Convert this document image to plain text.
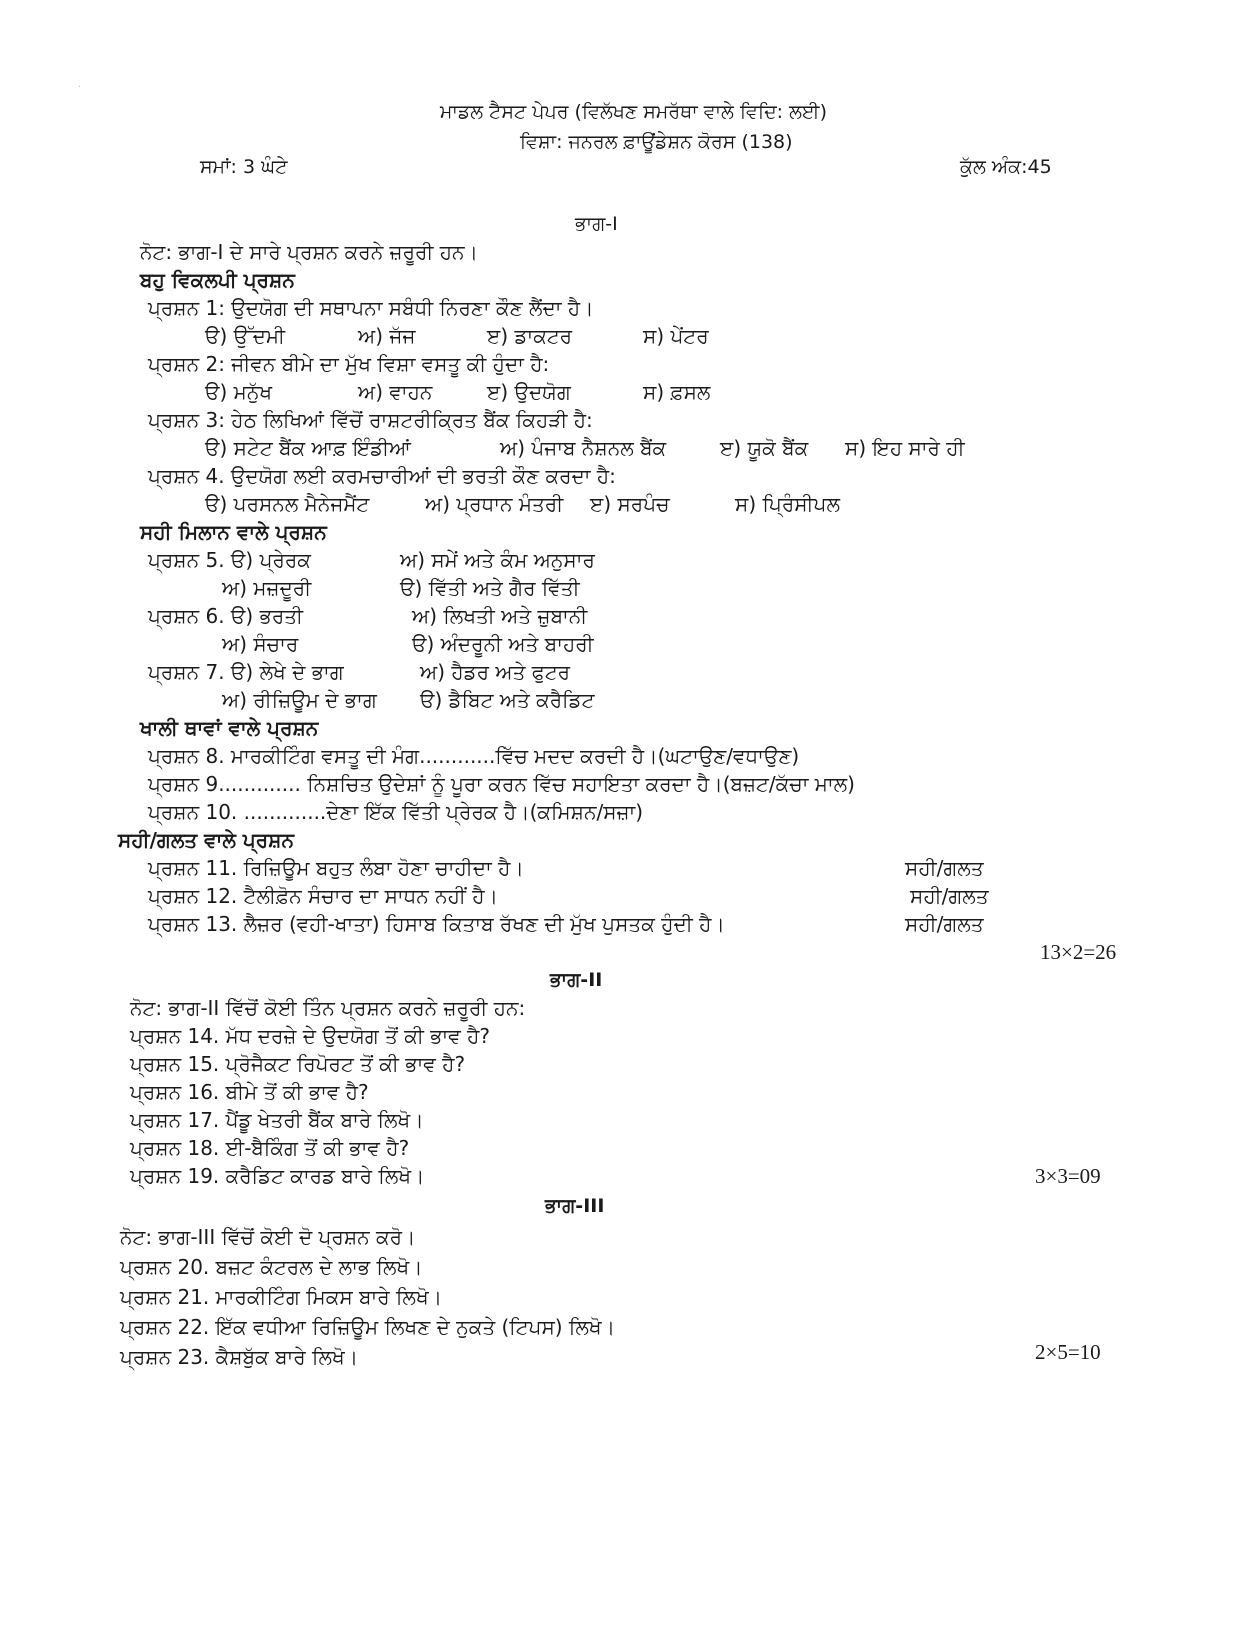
·
ਮਾਡਲ ਟੈਸਟ ਪੇਪਰ (ਵਿਲੱਖਣ ਸਮਰੱਥਾ ਵਾਲੇ ਵਿਦਿ: ਲਈ)
ਵਿਸ਼ਾ: ਜਨਰਲ ਫ਼ਾਊਂਡੇਸ਼ਨ ਕੋਰਸ (138)
ਸਮਾਂ: 3 ਘੰਟੇ	ਕੁੱਲ ਅੰਕ:45
ਭਾਗ-I
ਨੋਟ: ਭਾਗ-I ਦੇ ਸਾਰੇ ਪ੍ਰਸ਼ਨ ਕਰਨੇ ਜ਼ਰੂਰੀ ਹਨ।
ਬਹੁ ਵਿਕਲਪੀ ਪ੍ਰਸ਼ਨ
ਪ੍ਰਸ਼ਨ 1: ਉਦਯੋਗ ਦੀ ਸਥਾਪਨਾ ਸਬੰਧੀ ਨਿਰਣਾ ਕੌਣ ਲੈਂਦਾ ਹੈ।
ੳ) ਉੱਦਮੀ	ਅ) ਜੱਜ	ੲ) ਡਾਕਟਰ	ਸ) ਪੇਂਟਰ
ਪ੍ਰਸ਼ਨ 2: ਜੀਵਨ ਬੀਮੇ ਦਾ ਮੁੱਖ ਵਿਸ਼ਾ ਵਸਤੂ ਕੀ ਹੁੰਦਾ ਹੈ:
ੳ) ਮਨੁੱਖ	ਅ) ਵਾਹਨ	ੲ) ਉਦਯੋਗ	ਸ) ਫ਼ਸਲ
ਪ੍ਰਸ਼ਨ 3: ਹੇਠ ਲਿਖਿਆਂ ਵਿੱਚੋਂ ਰਾਸ਼ਟਰੀਕ੍ਰਿਤ ਬੈਂਕ ਕਿਹੜੀ ਹੈ:
ੳ) ਸਟੇਟ ਬੈਂਕ ਆਫ਼ ਇੰਡੀਆਂ	ਅ) ਪੰਜਾਬ ਨੈਸ਼ਨਲ ਬੈਂਕ	ੲ) ਯੂਕੋ ਬੈਂਕ ਸ) ਇਹ ਸਾਰੇ ਹੀ
ਪ੍ਰਸ਼ਨ 4. ਉਦਯੋਗ ਲਈ ਕਰਮਚਾਰੀਆਂ ਦੀ ਭਰਤੀ ਕੌਣ ਕਰਦਾ ਹੈ:
ੳ) ਪਰਸਨਲ ਮੈਨੇਜਮੈਂਟ	ਅ) ਪ੍ਰਧਾਨ ਮੰਤਰੀ ੲ) ਸਰਪੰਚ	ਸ) ਪ੍ਰਿੰਸੀਪਲ
ਸਹੀ ਮਿਲਾਨ ਵਾਲੇ ਪ੍ਰਸ਼ਨ
ਪ੍ਰਸ਼ਨ 5. ੳ) ਪ੍ਰੇਰਕ	ਅ) ਸਮੇਂ ਅਤੇ ਕੰਮ ਅਨੁਸਾਰ
ਅ) ਮਜ਼ਦੂਰੀ	ੳ) ਵਿੱਤੀ ਅਤੇ ਗੈਰ ਵਿੱਤੀ
ਪ੍ਰਸ਼ਨ 6. ੳ) ਭਰਤੀ	ਅ) ਲਿਖਤੀ ਅਤੇ ਜ਼ੁਬਾਨੀ
ਅ) ਸੰਚਾਰ	ੳ) ਅੰਦਰੂਨੀ ਅਤੇ ਬਾਹਰੀ
ਪ੍ਰਸ਼ਨ 7. ੳ) ਲੇਖੇ ਦੇ ਭਾਗ	ਅ) ਹੈਡਰ ਅਤੇ ਫੁਟਰ
ਅ) ਰੀਜ਼ਿਊਮ ਦੇ ਭਾਗ ੳ) ਡੈਬਿਟ ਅਤੇ ਕਰੈਡਿਟ
ਖਾਲੀ ਥਾਵਾਂ ਵਾਲੇ ਪ੍ਰਸ਼ਨ
ਪ੍ਰਸ਼ਨ 8. ਮਾਰਕੀਟਿੰਗ ਵਸਤੂ ਦੀ ਮੰਗ............ਵਿੱਚ ਮਦਦ ਕਰਦੀ ਹੈ।(ਘਟਾਉਣ/ਵਧਾਉਣ)
ਪ੍ਰਸ਼ਨ 9............. ਨਿਸ਼ਚਿਤ ਉਦੇਸ਼ਾਂ ਨੂੰ ਪੂਰਾ ਕਰਨ ਵਿੱਚ ਸਹਾਇਤਾ ਕਰਦਾ ਹੈ।(ਬਜ਼ਟ/ਕੱਚਾ ਮਾਲ)
ਪ੍ਰਸ਼ਨ 10. .............ਦੇਣਾ ਇੱਕ ਵਿੱਤੀ ਪ੍ਰੇਰਕ ਹੈ।(ਕਮਿਸ਼ਨ/ਸਜ਼ਾ)
ਸਹੀ/ਗਲਤ ਵਾਲੇ ਪ੍ਰਸ਼ਨ
ਪ੍ਰਸ਼ਨ 11. ਰਿਜ਼ਿਊਮ ਬਹੁਤ ਲੰਬਾ ਹੋਣਾ ਚਾਹੀਦਾ ਹੈ।	ਸਹੀ/ਗਲਤ
ਪ੍ਰਸ਼ਨ 12. ਟੈਲੀਫ਼ੋਨ ਸੰਚਾਰ ਦਾ ਸਾਧਨ ਨਹੀਂ ਹੈ।	ਸਹੀ/ਗਲਤ
ਪ੍ਰਸ਼ਨ 13. ਲੈਜ਼ਰ (ਵਹੀ-ਖਾਤਾ) ਹਿਸਾਬ ਕਿਤਾਬ ਰੱਖਣ ਦੀ ਮੁੱਖ ਪੁਸਤਕ ਹੁੰਦੀ ਹੈ।	ਸਹੀ/ਗਲਤ
13×2=26
ਭਾਗ-II
ਨੋਟ: ਭਾਗ-II ਵਿੱਚੋਂ ਕੋਈ ਤਿੰਨ ਪ੍ਰਸ਼ਨ ਕਰਨੇ ਜ਼ਰੂਰੀ ਹਨ:
ਪ੍ਰਸ਼ਨ 14. ਮੱਧ ਦਰਜ਼ੇ ਦੇ ਉਦਯੋਗ ਤੋਂ ਕੀ ਭਾਵ ਹੈ?
ਪ੍ਰਸ਼ਨ 15. ਪ੍ਰੋਜੈਕਟ ਰਿਪੋਰਟ ਤੋਂ ਕੀ ਭਾਵ ਹੈ?
ਪ੍ਰਸ਼ਨ 16. ਬੀਮੇ ਤੋਂ ਕੀ ਭਾਵ ਹੈ?
ਪ੍ਰਸ਼ਨ 17. ਪੈਂਡੂ ਖੇਤਰੀ ਬੈਂਕ ਬਾਰੇ ਲਿਖੋ।
ਪ੍ਰਸ਼ਨ 18. ਈ-ਬੈਕਿੰਗ ਤੋਂ ਕੀ ਭਾਵ ਹੈ?
ਪ੍ਰਸ਼ਨ 19. ਕਰੈਡਿਟ ਕਾਰਡ ਬਾਰੇ ਲਿਖੋ।	3×3=09
ਭਾਗ-III
ਨੋਟ: ਭਾਗ-III ਵਿੱਚੋਂ ਕੋਈ ਦੋ ਪ੍ਰਸ਼ਨ ਕਰੋ।
ਪ੍ਰਸ਼ਨ 20. ਬਜ਼ਟ ਕੰਟਰਲ ਦੇ ਲਾਭ ਲਿਖੋ।
ਪ੍ਰਸ਼ਨ 21. ਮਾਰਕੀਟਿੰਗ ਮਿਕਸ ਬਾਰੇ ਲਿਖੋ।
ਪ੍ਰਸ਼ਨ 22. ਇੱਕ ਵਧੀਆ ਰਿਜ਼ਿਊਮ ਲਿਖਣ ਦੇ ਨੁਕਤੇ (ਟਿਪਸ) ਲਿਖੋ।
ਪ੍ਰਸ਼ਨ 23. ਕੈਸ਼ਬੁੱਕ ਬਾਰੇ ਲਿਖੋ।	2×5=10
